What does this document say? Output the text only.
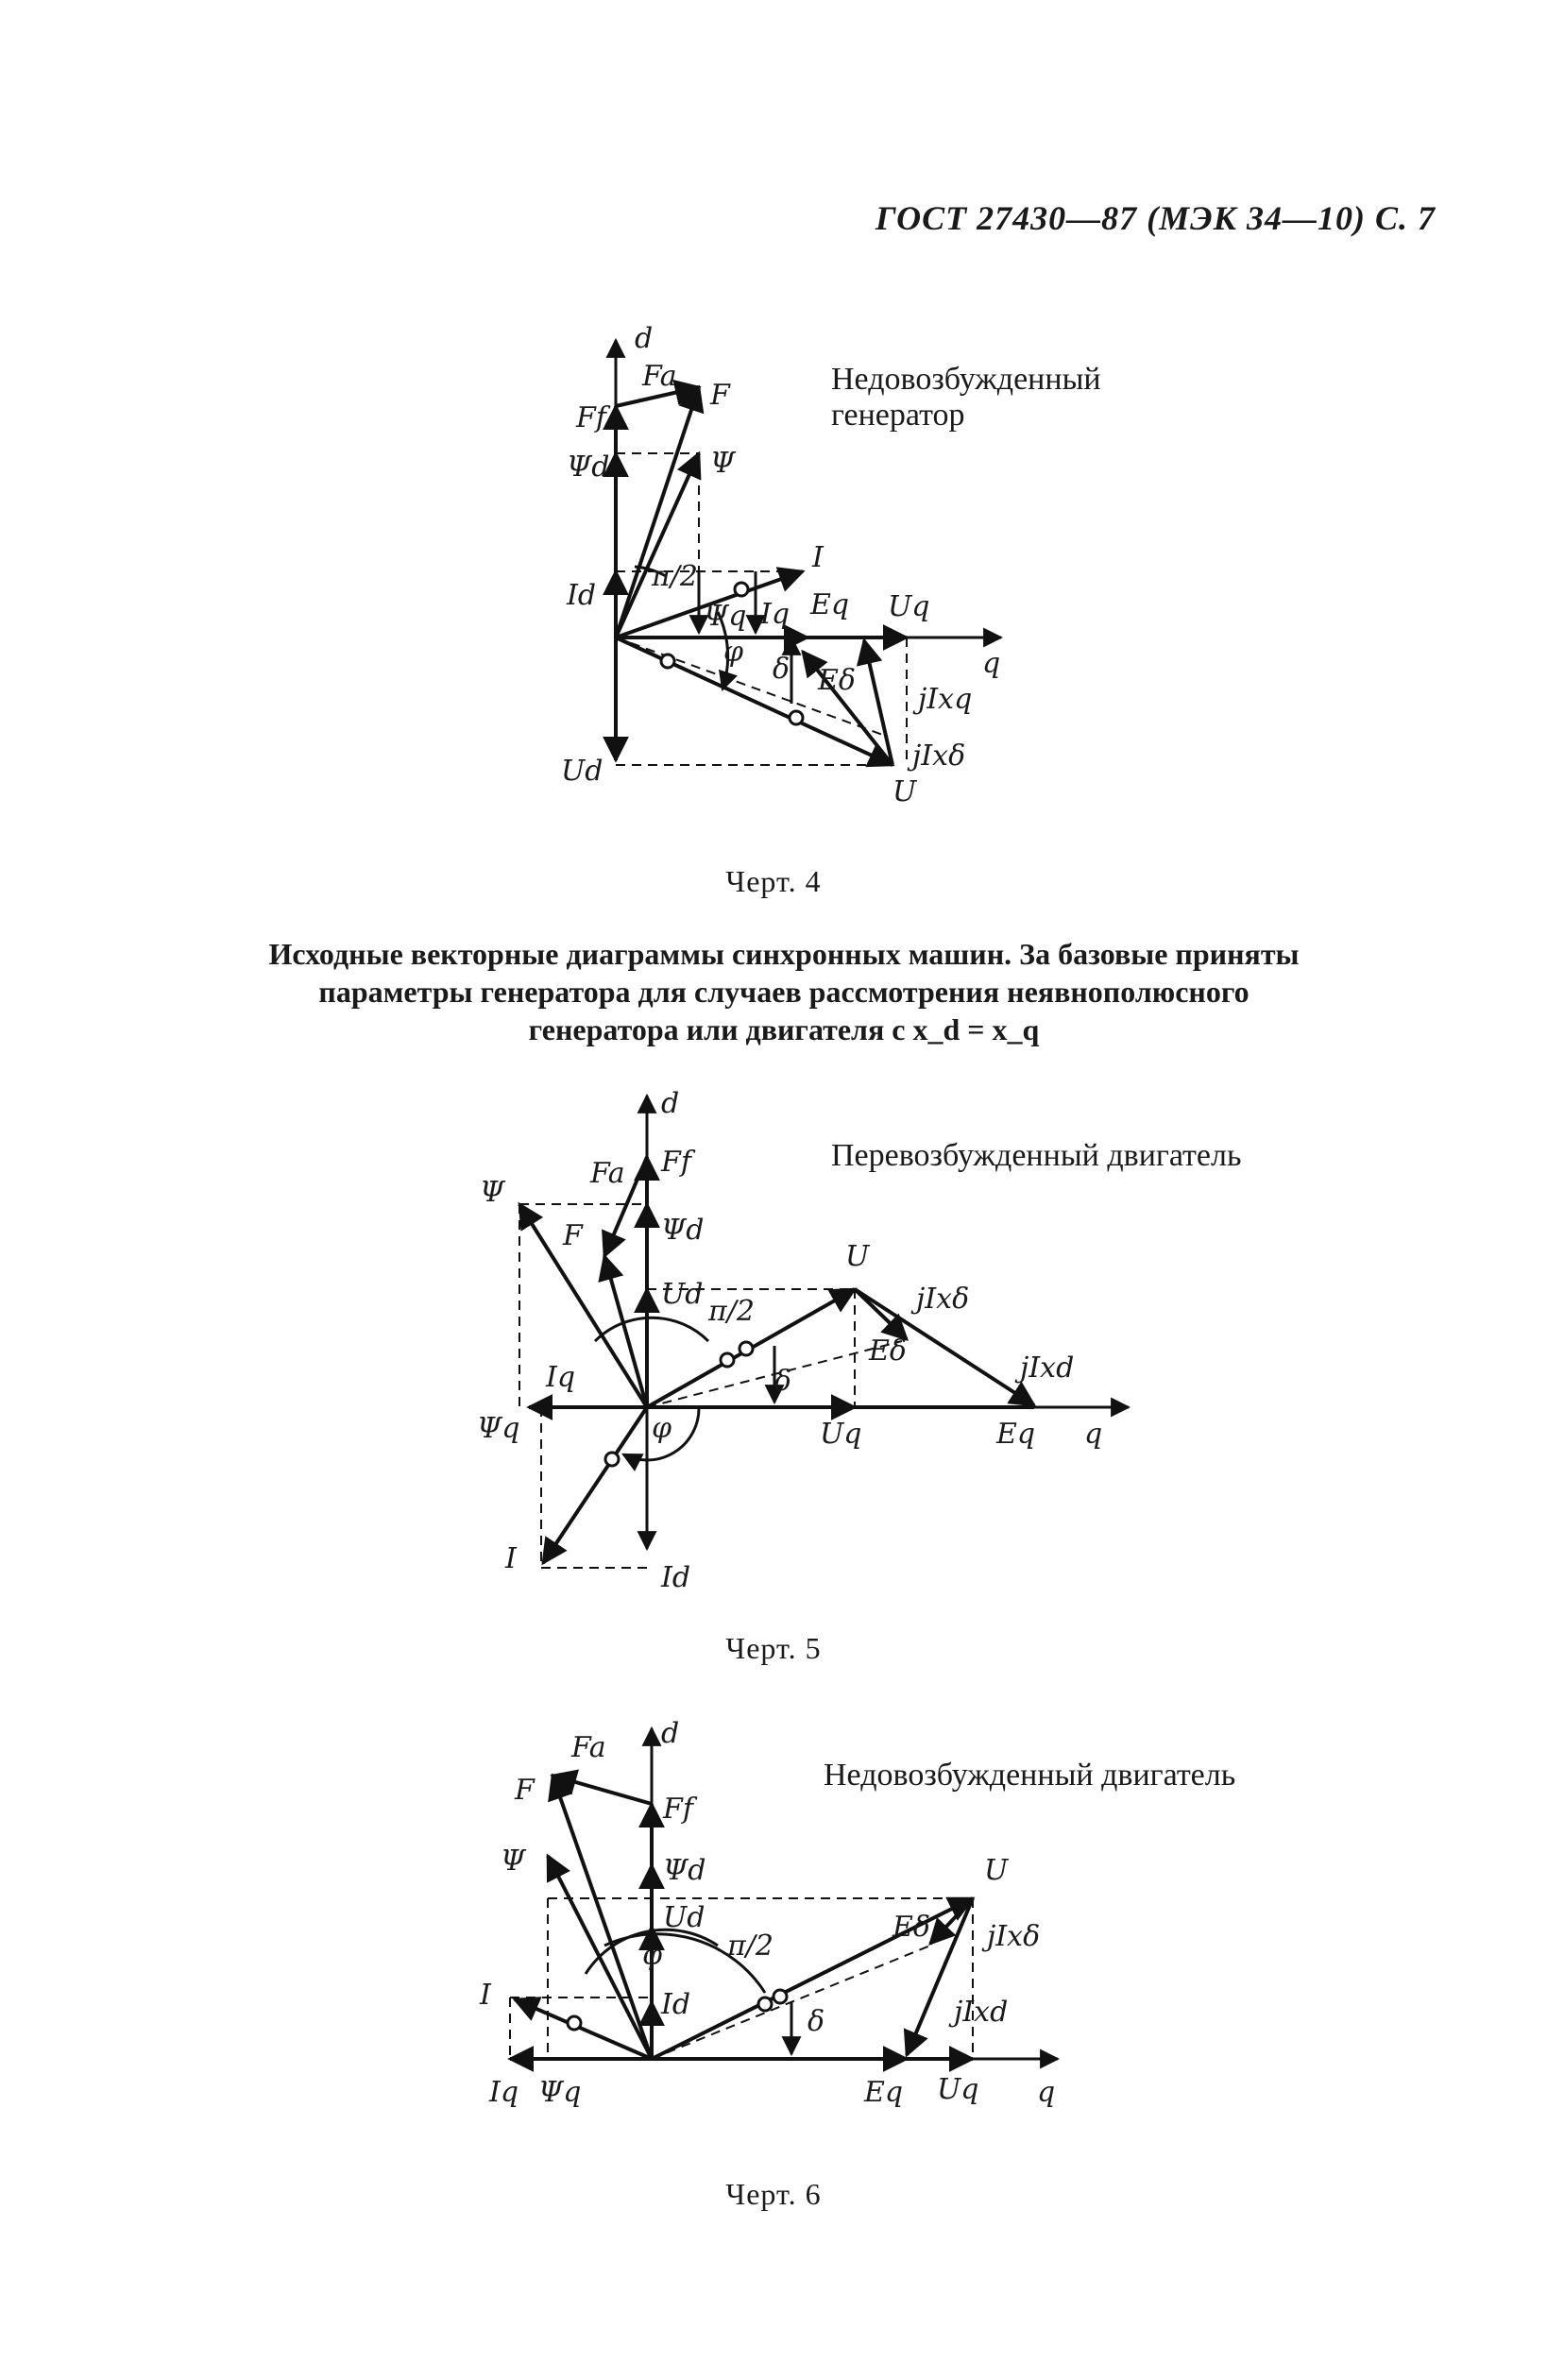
ГОСТ 27430—87 (МЭК 34—10) С. 7
Исходные векторные диаграммы синхронных машин. За базовые приняты
параметры генератора для случаев рассмотрения неявнополюсного
генератора или двигателя с x_d = x_q
Черт. 4
Черт. 5
Черт. 6
Недовозбужденный
генератор
d
Fa
F
Ff
Ψd	Ψ
Id
I
π/2
Ψq Iq Eq Uq
φ
δ Eδ
q
jIxq
jIxδ
Ud
U
Перевозбужденный двигатель
d
Ff
Fa
Ψ
Ψd
F
Ud
π/2
U
jIxδ
Eδ
δ
Iq	jIxd
Ψq	φ	Uq	Eq q
I
Id
Недовозбужденный двигатель
d
Fa
F
Ff
Ψ	Ψd
Ud
U
φ π/2
Eδ jIxδ
I	Id
δ	jIxd
Iq Ψq	Eq Uq q
